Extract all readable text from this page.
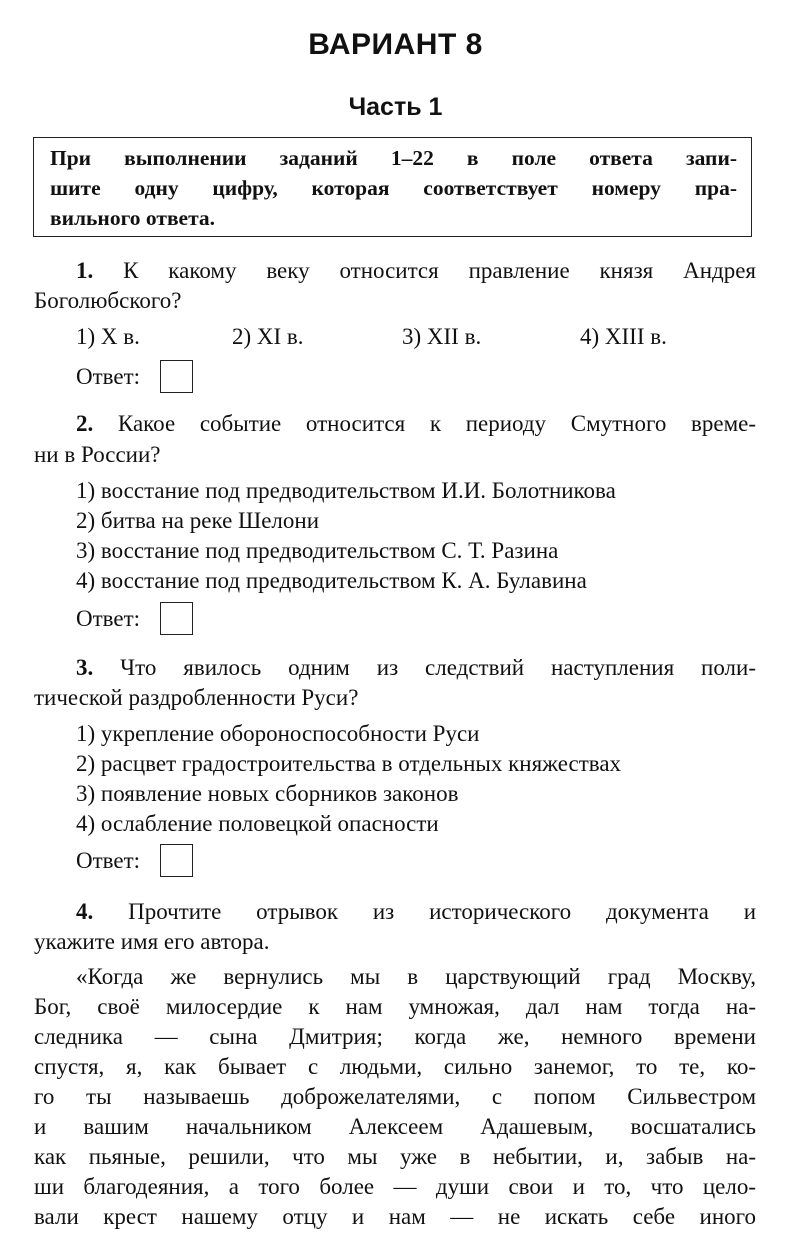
ВАРИАНТ 8
Часть 1
При выполнении заданий 1–22 в поле ответа запи-
шите одну цифру, которая соответствует номеру пра-
вильного ответа.
1. К какому веку относится правление князя Андрея
Боголюбского?
1) X в.	2) XI в.	3) XII в.	4) XIII в.
Ответ:
2. Какое событие относится к периоду Смутного време-
ни в России?
1) восстание под предводительством И.И. Болотникова
2) битва на реке Шелони
3) восстание под предводительством С. Т. Разина
4) восстание под предводительством К. А. Булавина
Ответ:
3. Что явилось одним из следствий наступления поли-
тической раздробленности Руси?
1) укрепление обороноспособности Руси
2) расцвет градостроительства в отдельных княжествах
3) появление новых сборников законов
4) ослабление половецкой опасности
Ответ:
4. Прочтите отрывок из исторического документа и
укажите имя его автора.
«Когда же вернулись мы в царствующий град Москву,
Бог, своё милосердие к нам умножая, дал нам тогда на-
следника — сына Дмитрия; когда же, немного времени
спустя, я, как бывает с людьми, сильно занемог, то те, ко-
го ты называешь доброжелателями, с попом Сильвестром
и вашим начальником Алексеем Адашевым, восшатались
как пьяные, решили, что мы уже в небытии, и, забыв на-
ши благодеяния, а того более — души свои и то, что цело-
вали крест нашему отцу и нам — не искать себе иного
